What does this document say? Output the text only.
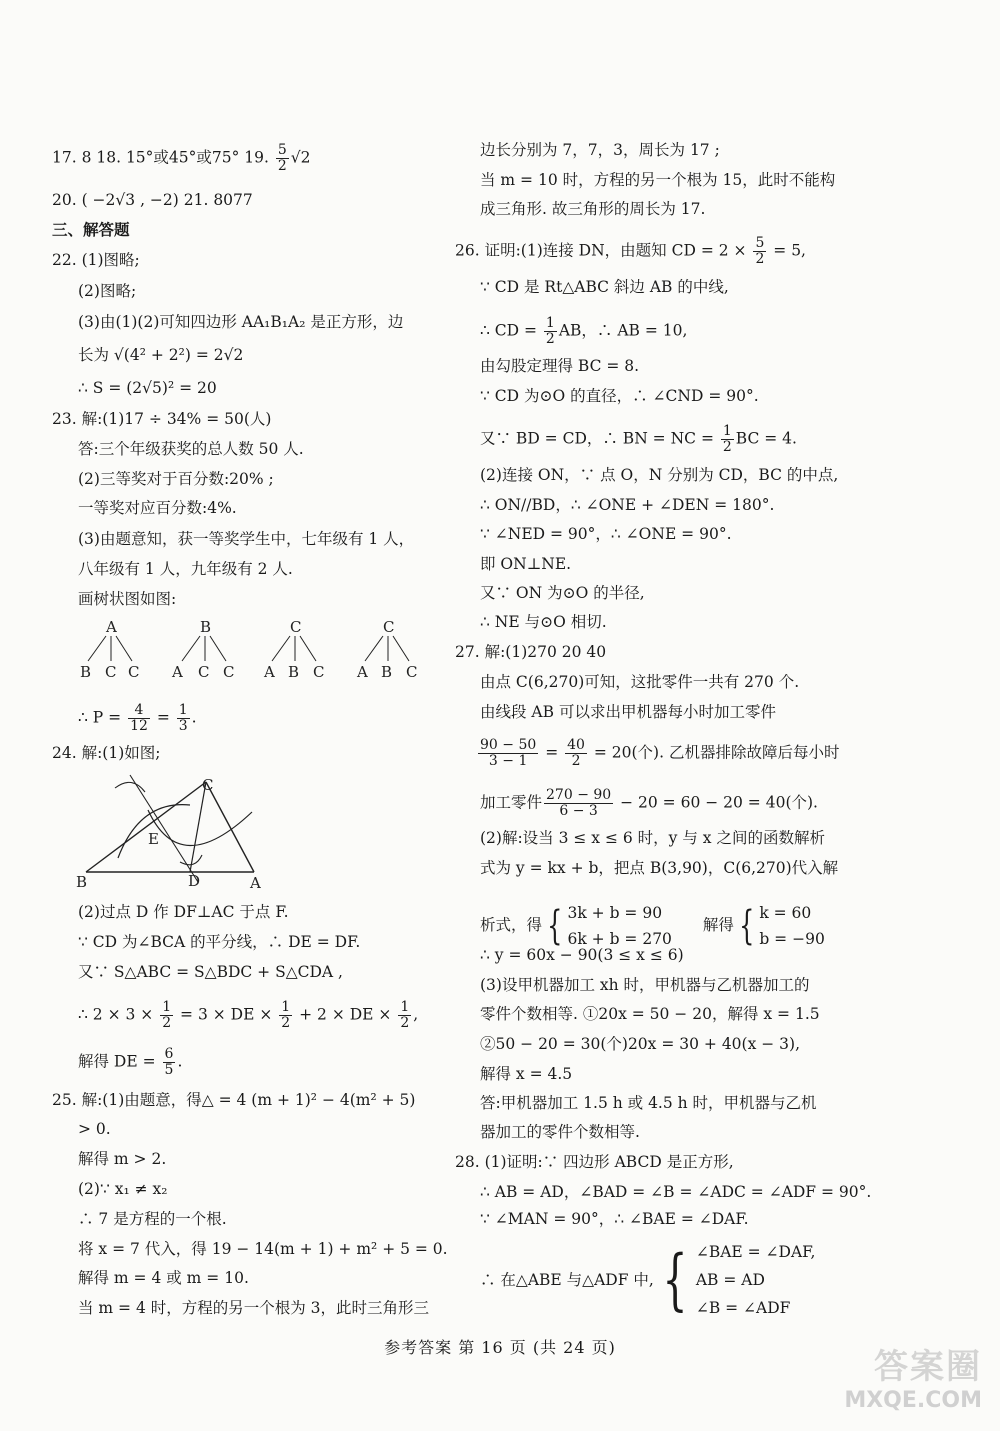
17. 8 18. 15°或45°或75° 19. $\frac{5}{2} √2$
20. ( −2√3 , −2) 21. 8077
三、解答题
22. (1)图略;
(2)图略;
(3)由(1)(2)可知四边形 AA₁B₁A₂ 是正方形，边
长为 √(4² + 2²) = 2√2
∴ S = (2√5)² = 20
23. 解:(1)17 ÷ 34% = 50(人)
答:三个年级获奖的总人数 50 人.
(2)三等奖对于百分数:20% ;
一等奖对应百分数:4%.
(3)由题意知，获一等奖学生中，七年级有 1 人，
八年级有 1 人，九年级有 2 人.
画树状图如图:
A
B C C
B
A C C
C
A B C
C
A B C
∴ $P = \frac{4}{12} = \frac{1}{3}$ .
24. 解:(1)如图;
B	D	A
C
E
(2)过点 D 作 DF⊥AC 于点 F.
∵ CD 为∠BCA 的平分线，∴ DE = DF.
又∵ S△ABC = S△BDC + S△CDA ,
∴ $2 \times 3 \times \frac{1}{2} = 3$ × DE × $\frac{1}{2} + 2$ × DE × $\frac{1}{2}$ ,
解得 DE = $\frac{6}{5}$ .
25. 解:(1)由题意，得△ = 4 (m + 1)² − 4(m² + 5)
> 0.
解得 m > 2.
(2)∵ x₁ ≠ x₂
∴ 7 是方程的一个根.
将 x = 7 代入，得 19 − 14(m + 1) + m² + 5 = 0.
解得 m = 4 或 m = 10.
当 m = 4 时，方程的另一个根为 3，此时三角形三
边长分别为 7，7，3，周长为 17 ;
当 m = 10 时，方程的另一个根为 15，此时不能构
成三角形. 故三角形的周长为 17.
26. 证明:(1)连接 DN，由题知 CD = $2 \times \frac{5}{2} = 5$,
∵ CD 是 Rt△ABC 斜边 AB 的中线,
∴ CD = $\frac{1}{2}$ AB，∴ AB = 10,
由勾股定理得 BC = 8.
∵ CD 为⊙O 的直径，∴ ∠CND = 90°.
又∵ BD = CD，∴ BN = NC = $\frac{1}{2}$ BC = 4.
(2)连接 ON，∵ 点 O，N 分别为 CD，BC 的中点,
∴ ON//BD，∴ ∠ONE + ∠DEN = 180°.
∵ ∠NED = 90°，∴ ∠ONE = 90°.
即 ON⊥NE.
又∵ ON 为⊙O 的半径,
∴ NE 与⊙O 相切.
27. 解:(1)270 20 40
由点 C(6,270)可知，这批零件一共有 270 个.
由线段 AB 可以求出甲机器每小时加工零件
$\frac{90 - 50}{3 - 1} = \frac{40}{2} = 20$(个). 乙机器排除故障后每小时
加工零件 $\frac{270 - 90}{6 - 3} - 20 = 60 - 20 = 40$(个).
(2)解:设当 3 ≤ x ≤ 6 时，y 与 x 之间的函数解析
式为 y = kx + b，把点 B(3,90)，C(6,270)代入解
析式，得 { 3k + b = 90
6k + b = 270
解得 { k = 60
b = −90
∴ y = 60x − 90(3 ≤ x ≤ 6)
(3)设甲机器加工 xh 时，甲机器与乙机器加工的
零件个数相等. ①20x = 50 − 20，解得 x = 1.5
②50 − 20 = 30(个)20x = 30 + 40(x − 3),
解得 x = 4.5
答:甲机器加工 1.5 h 或 4.5 h 时，甲机器与乙机
器加工的零件个数相等.
28. (1)证明:∵ 四边形 ABCD 是正方形,
∴ AB = AD，∠BAD = ∠B = ∠ADC = ∠ADF = 90°.
∵ ∠MAN = 90°，∴ ∠BAE = ∠DAF.
∴ 在△ABE 与△ADF 中, { ∠BAE = ∠DAF,
AB = AD
∠B = ∠ADF
参考答案 第 16 页 (共 24 页)	答案圈
MXQE.COM
